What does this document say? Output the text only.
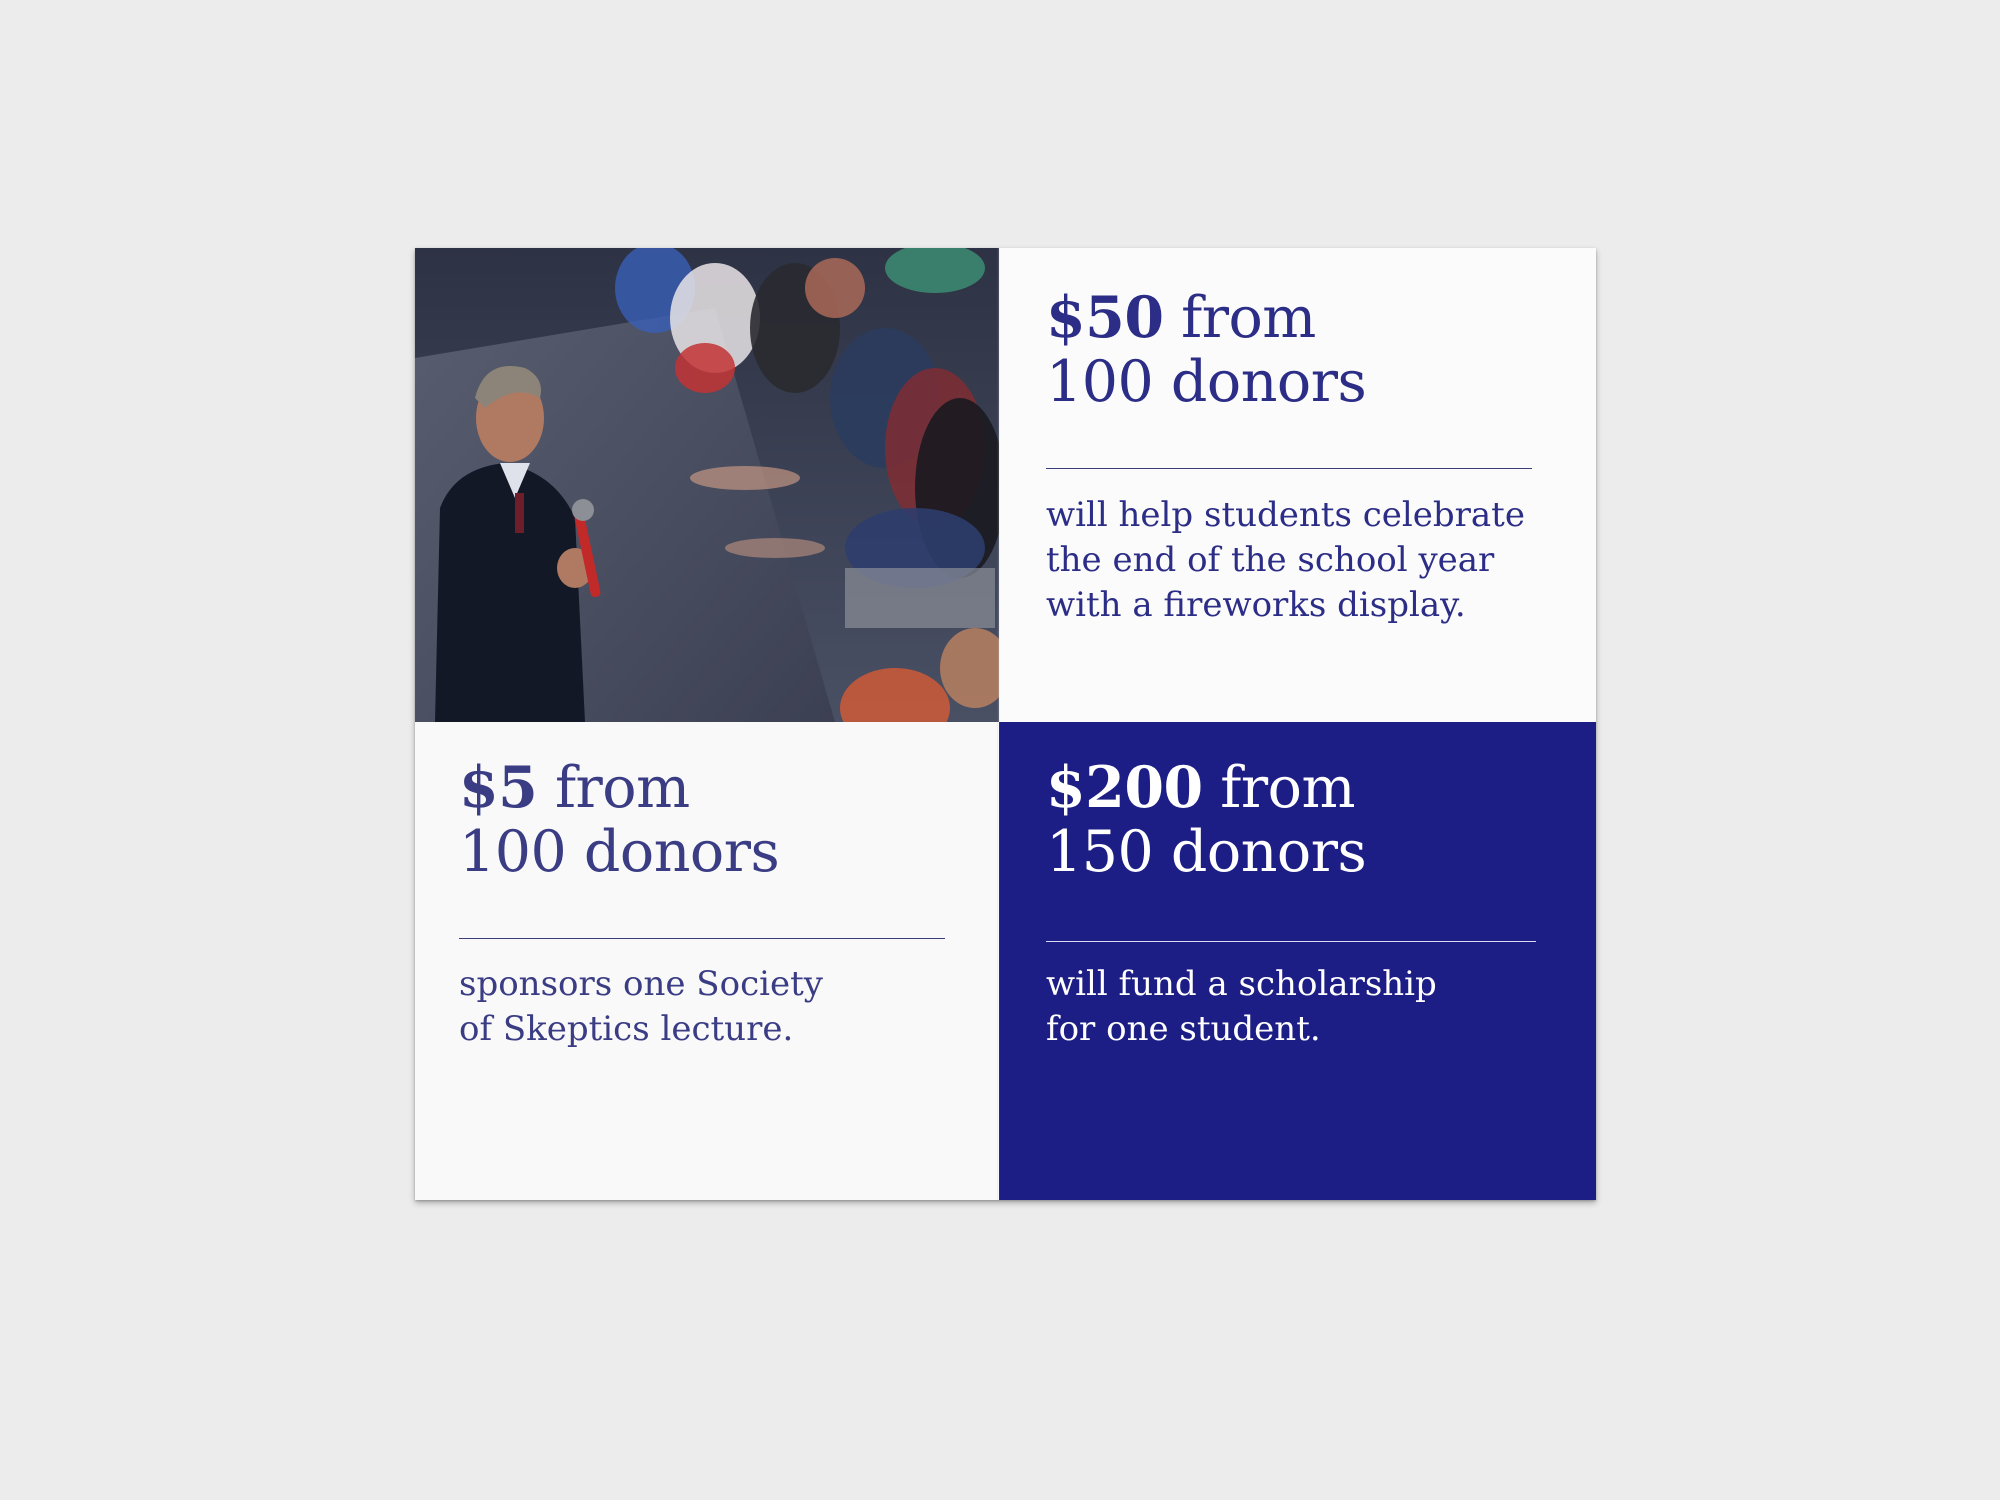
$50 from
100 donors
will help students celebrate
the end of the school year
with a fireworks display.
$5 from
100 donors
sponsors one Society
of Skeptics lecture.
$200 from
150 donors
will fund a scholarship
for one student.
